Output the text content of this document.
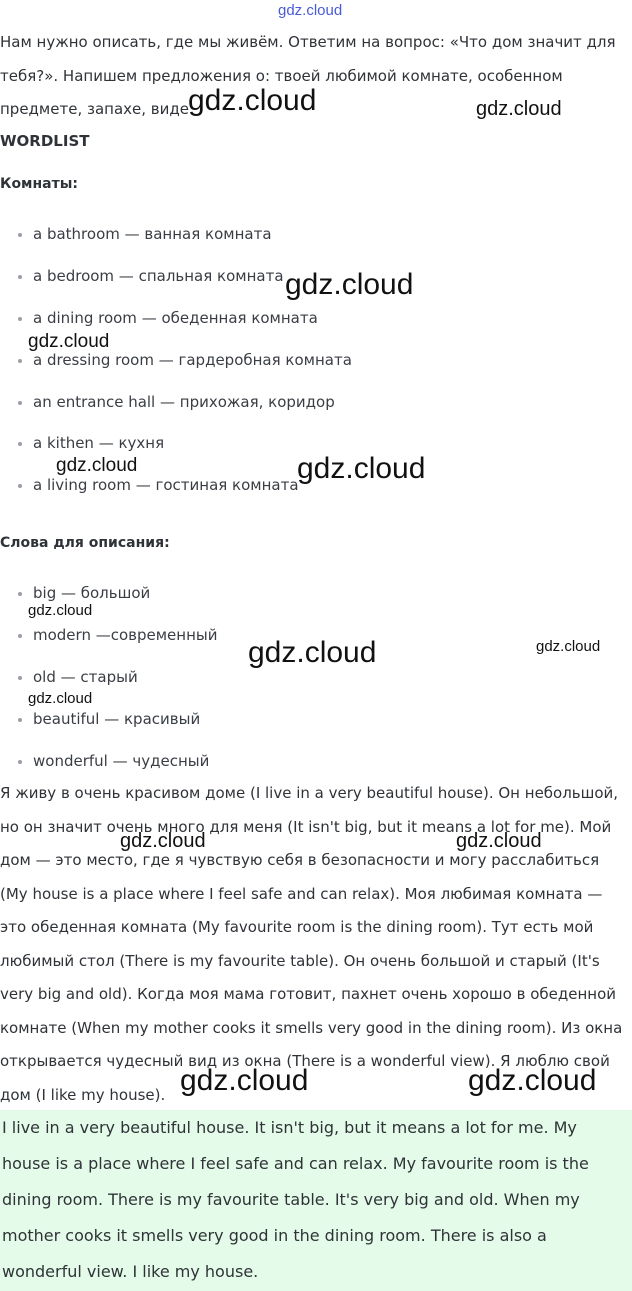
gdz.cloud
Нам нужно описать, где мы живём. Ответим на вопрос: «Что дом значит для тебя?». Напишем предложения о: твоей любимой комнате, особенном предмете, запахе, виде.
WORDLIST
Комнаты:
a bathroom — ванная комната
a bedroom — спальная комната
a dining room — обеденная комната
a dressing room — гардеробная комната
an entrance hall — прихожая, коридор
a kithen — кухня
a living room — гостиная комната
Слова для описания:
big — большой
modern —современный
old — старый
beautiful — красивый
wonderful — чудесный
Я живу в очень красивом доме (I live in a very beautiful house). Он небольшой, но он значит очень много для меня (It isn't big, but it means a lot for me). Мой дом — это место, где я чувствую себя в безопасности и могу расслабиться (My house is a place where I feel safe and can relax). Моя любимая комната — это обеденная комната (My favourite room is the dining room). Тут есть мой любимый стол (There is my favourite table). Он очень большой и старый (It's very big and old). Когда моя мама готовит, пахнет очень хорошо в обеденной комнате (When my mother cooks it smells very good in the dining room). Из окна открывается чудесный вид из окна (There is a wonderful view). Я люблю свой дом (I like my house).
I live in a very beautiful house. It isn't big, but it means a lot for me. My house is a place where I feel safe and can relax. My favourite room is the dining room. There is my favourite table. It's very big and old. When my mother cooks it smells very good in the dining room. There is also a wonderful view. I like my house.
gdz.cloud	gdz.cloud
gdz.cloud
gdz.cloud
gdz.cloud	gdz.cloud
gdz.cloud
gdz.cloud	gdz.cloud
gdz.cloud
gdz.cloud	gdz.cloud
gdz.cloud	gdz.cloud
